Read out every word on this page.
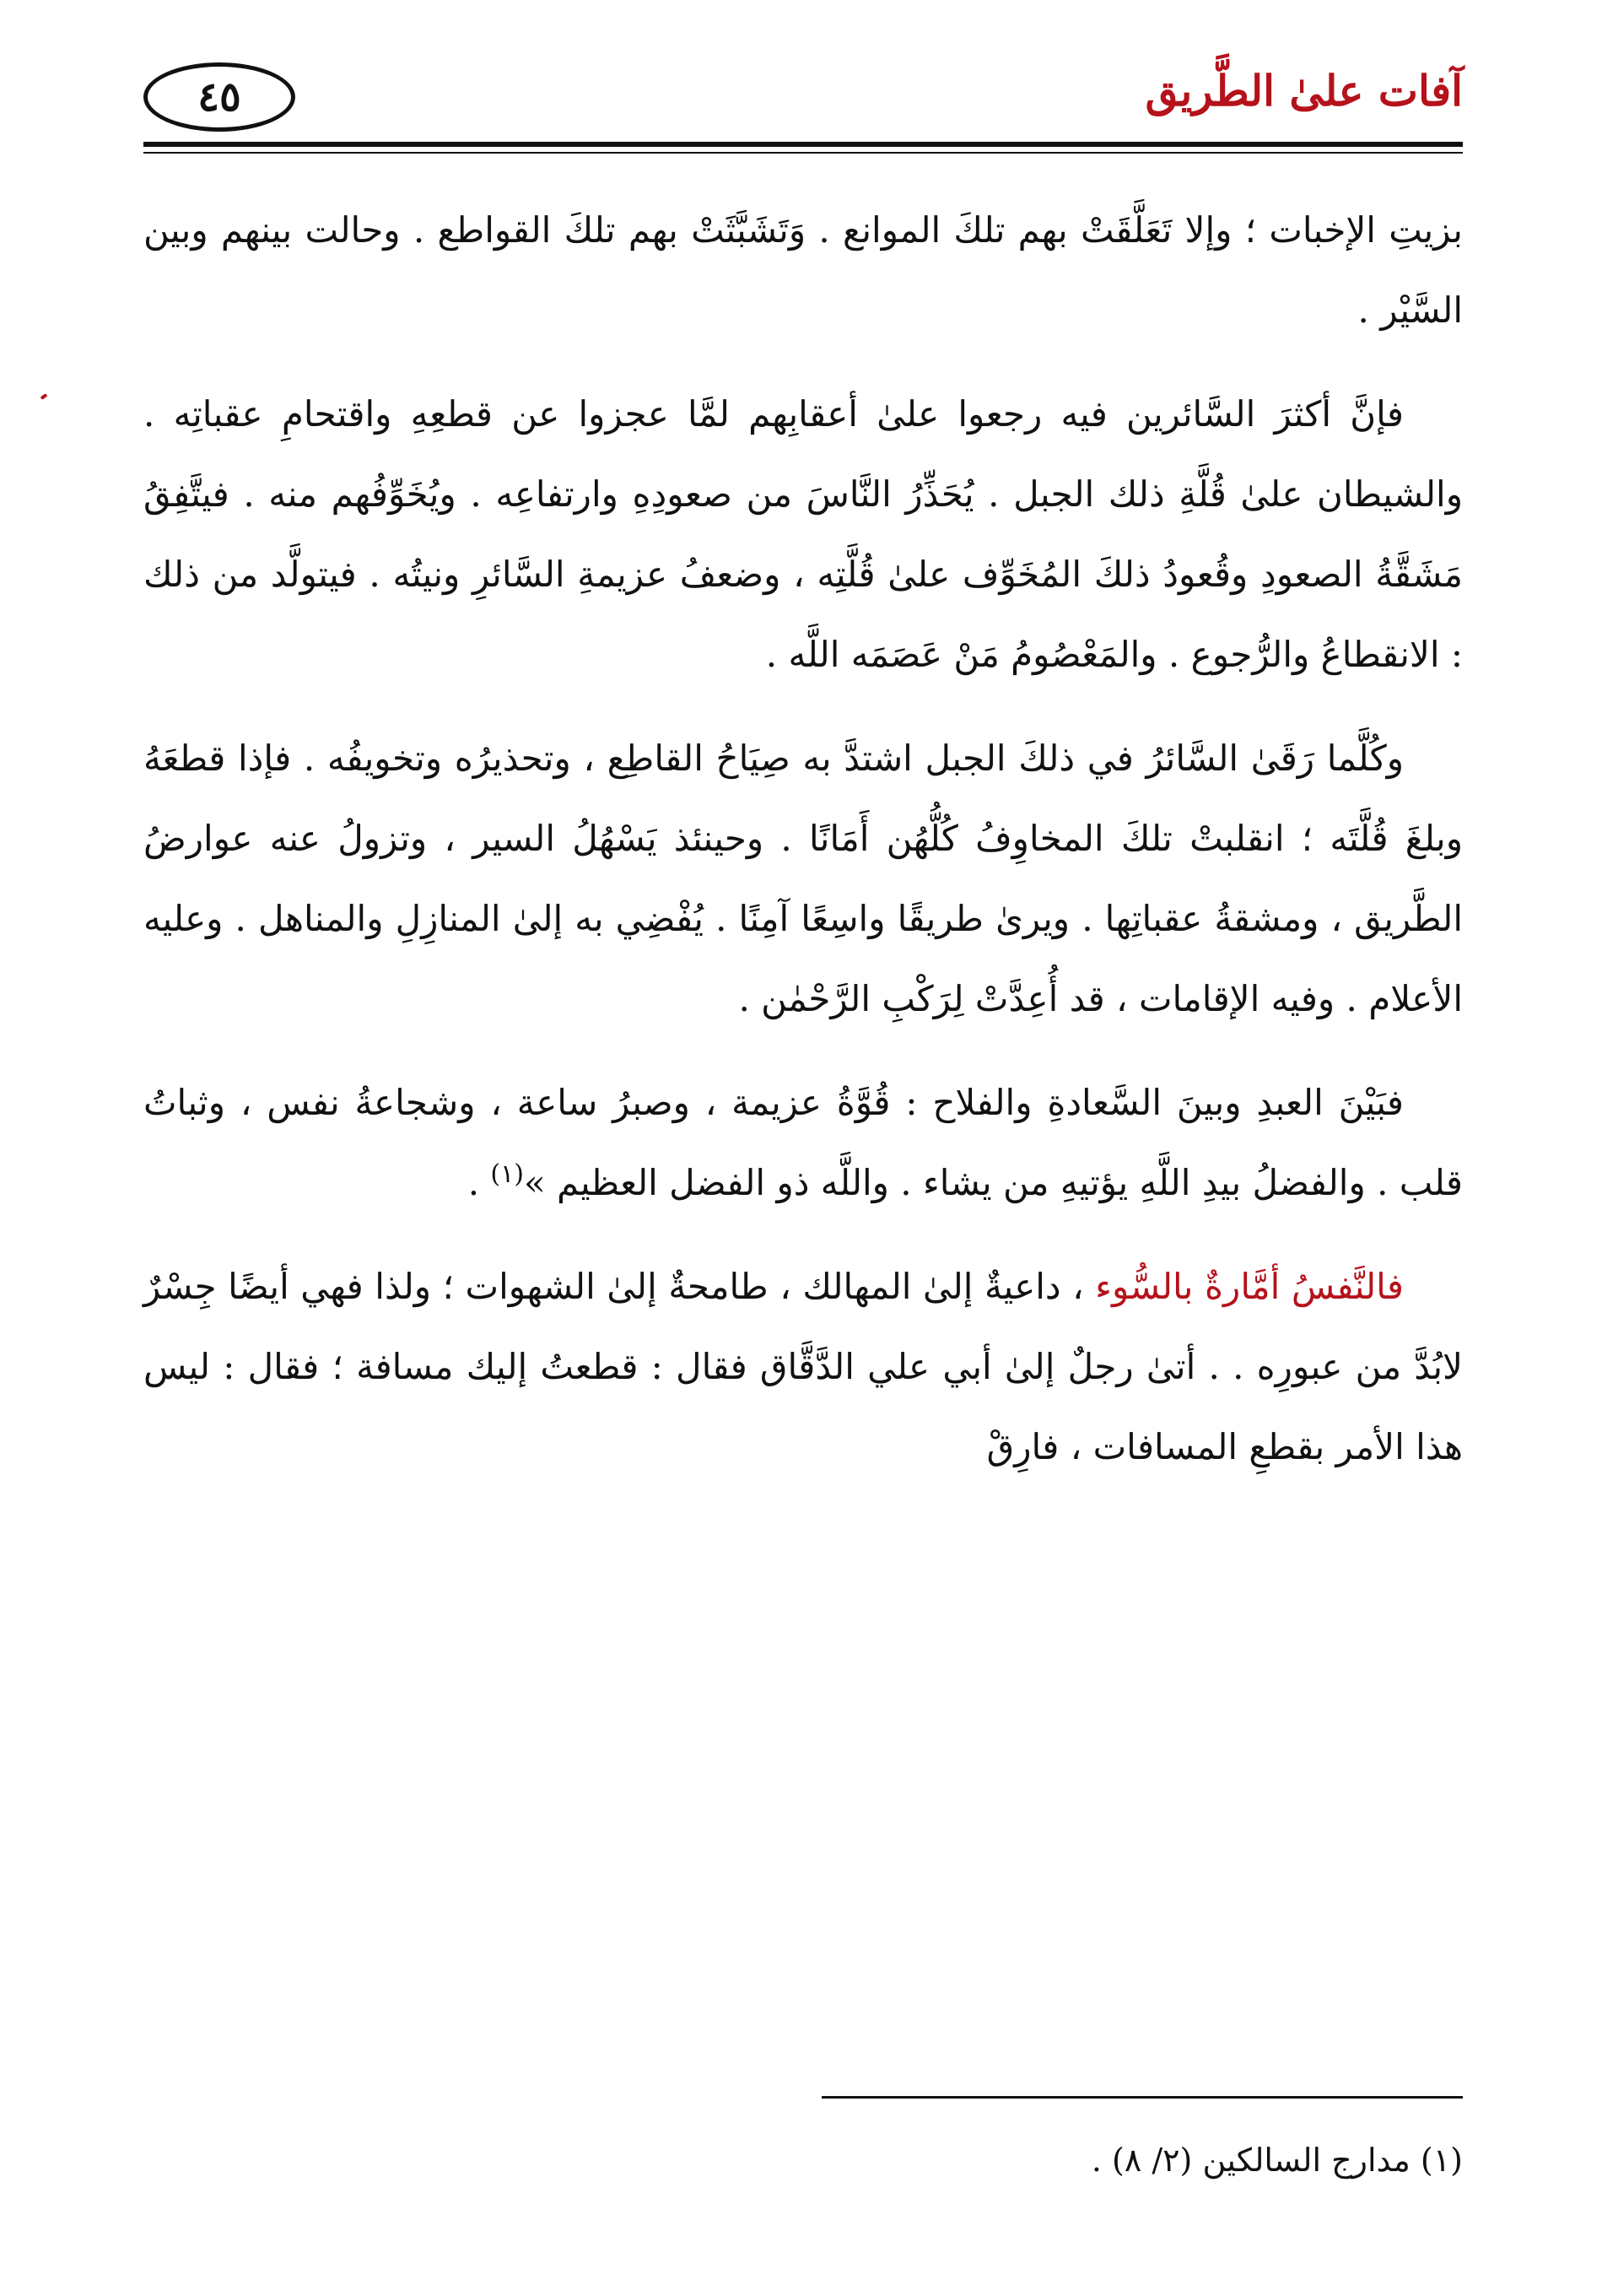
آفات علىٰ الطَّريق
٤٥

بزيتِ الإخبات ؛ وإلا تَعَلَّقَتْ بهم تلكَ الموانع . وَتَشَبَّثَتْ بهم تلكَ القواطع . وحالت بينهم وبين السَّيْر .

فإنَّ أكثرَ السَّائرين فيه رجعوا علىٰ أعقابِهم لمَّا عجزوا عن قطعِهِ واقتحامِ عقباتِه . والشيطان علىٰ قُلَّةِ ذلك الجبل . يُحَذِّرُ النَّاسَ من صعودِهِ وارتفاعِه . ويُخَوِّفُهم منه . فيتَّفِقُ مَشَقَّةُ الصعودِ وقُعودُ ذلكَ المُخَوِّف علىٰ قُلَّتِه ، وضعفُ عزيمةِ السَّائرِ ونيتُه . فيتولَّد من ذلك : الانقطاعُ والرُّجوع . والمَعْصُومُ مَنْ عَصَمَه اللَّه .

وكُلَّما رَقَىٰ السَّائرُ في ذلكَ الجبل اشتدَّ به صِيَاحُ القاطِع ، وتحذيرُه وتخويفُه . فإذا قطعَهُ وبلغَ قُلَّتَه ؛ انقلبتْ تلكَ المخاوِفُ كُلُّهُن أَمَانًا . وحينئذ يَسْهُلُ السير ، وتزولُ عنه عوارضُ الطَّريق ، ومشقةُ عقباتِها . ويرىٰ طريقًا واسِعًا آمِنًا . يُفْضِي به إلىٰ المنازِلِ والمناهل . وعليه الأعلام . وفيه الإقامات ، قد أُعِدَّتْ لِرَكْبِ الرَّحْمٰن .

فبَيْنَ العبدِ وبينَ السَّعادةِ والفلاح : قُوَّةُ عزيمة ، وصبرُ ساعة ، وشجاعةُ نفس ، وثباتُ قلب . والفضلُ بيدِ اللَّهِ يؤتيهِ من يشاء . واللَّه ذو الفضل العظيم »$^{(١)}$ .

فالنَّفسُ أمَّارةٌ بالسُّوء ، داعيةٌ إلىٰ المهالك ، طامحةٌ إلىٰ الشهوات ؛ ولذا فهي أيضًا جِسْرٌ لابُدَّ من عبورِه . . أتىٰ رجلٌ إلىٰ أبي علي الدَّقَّاق فقال : قطعتُ إليك مسافة ؛ فقال : ليس هذا الأمر بقطعِ المسافات ، فارِقْ

(١) مدارج السالكين (٢/ ٨) .
